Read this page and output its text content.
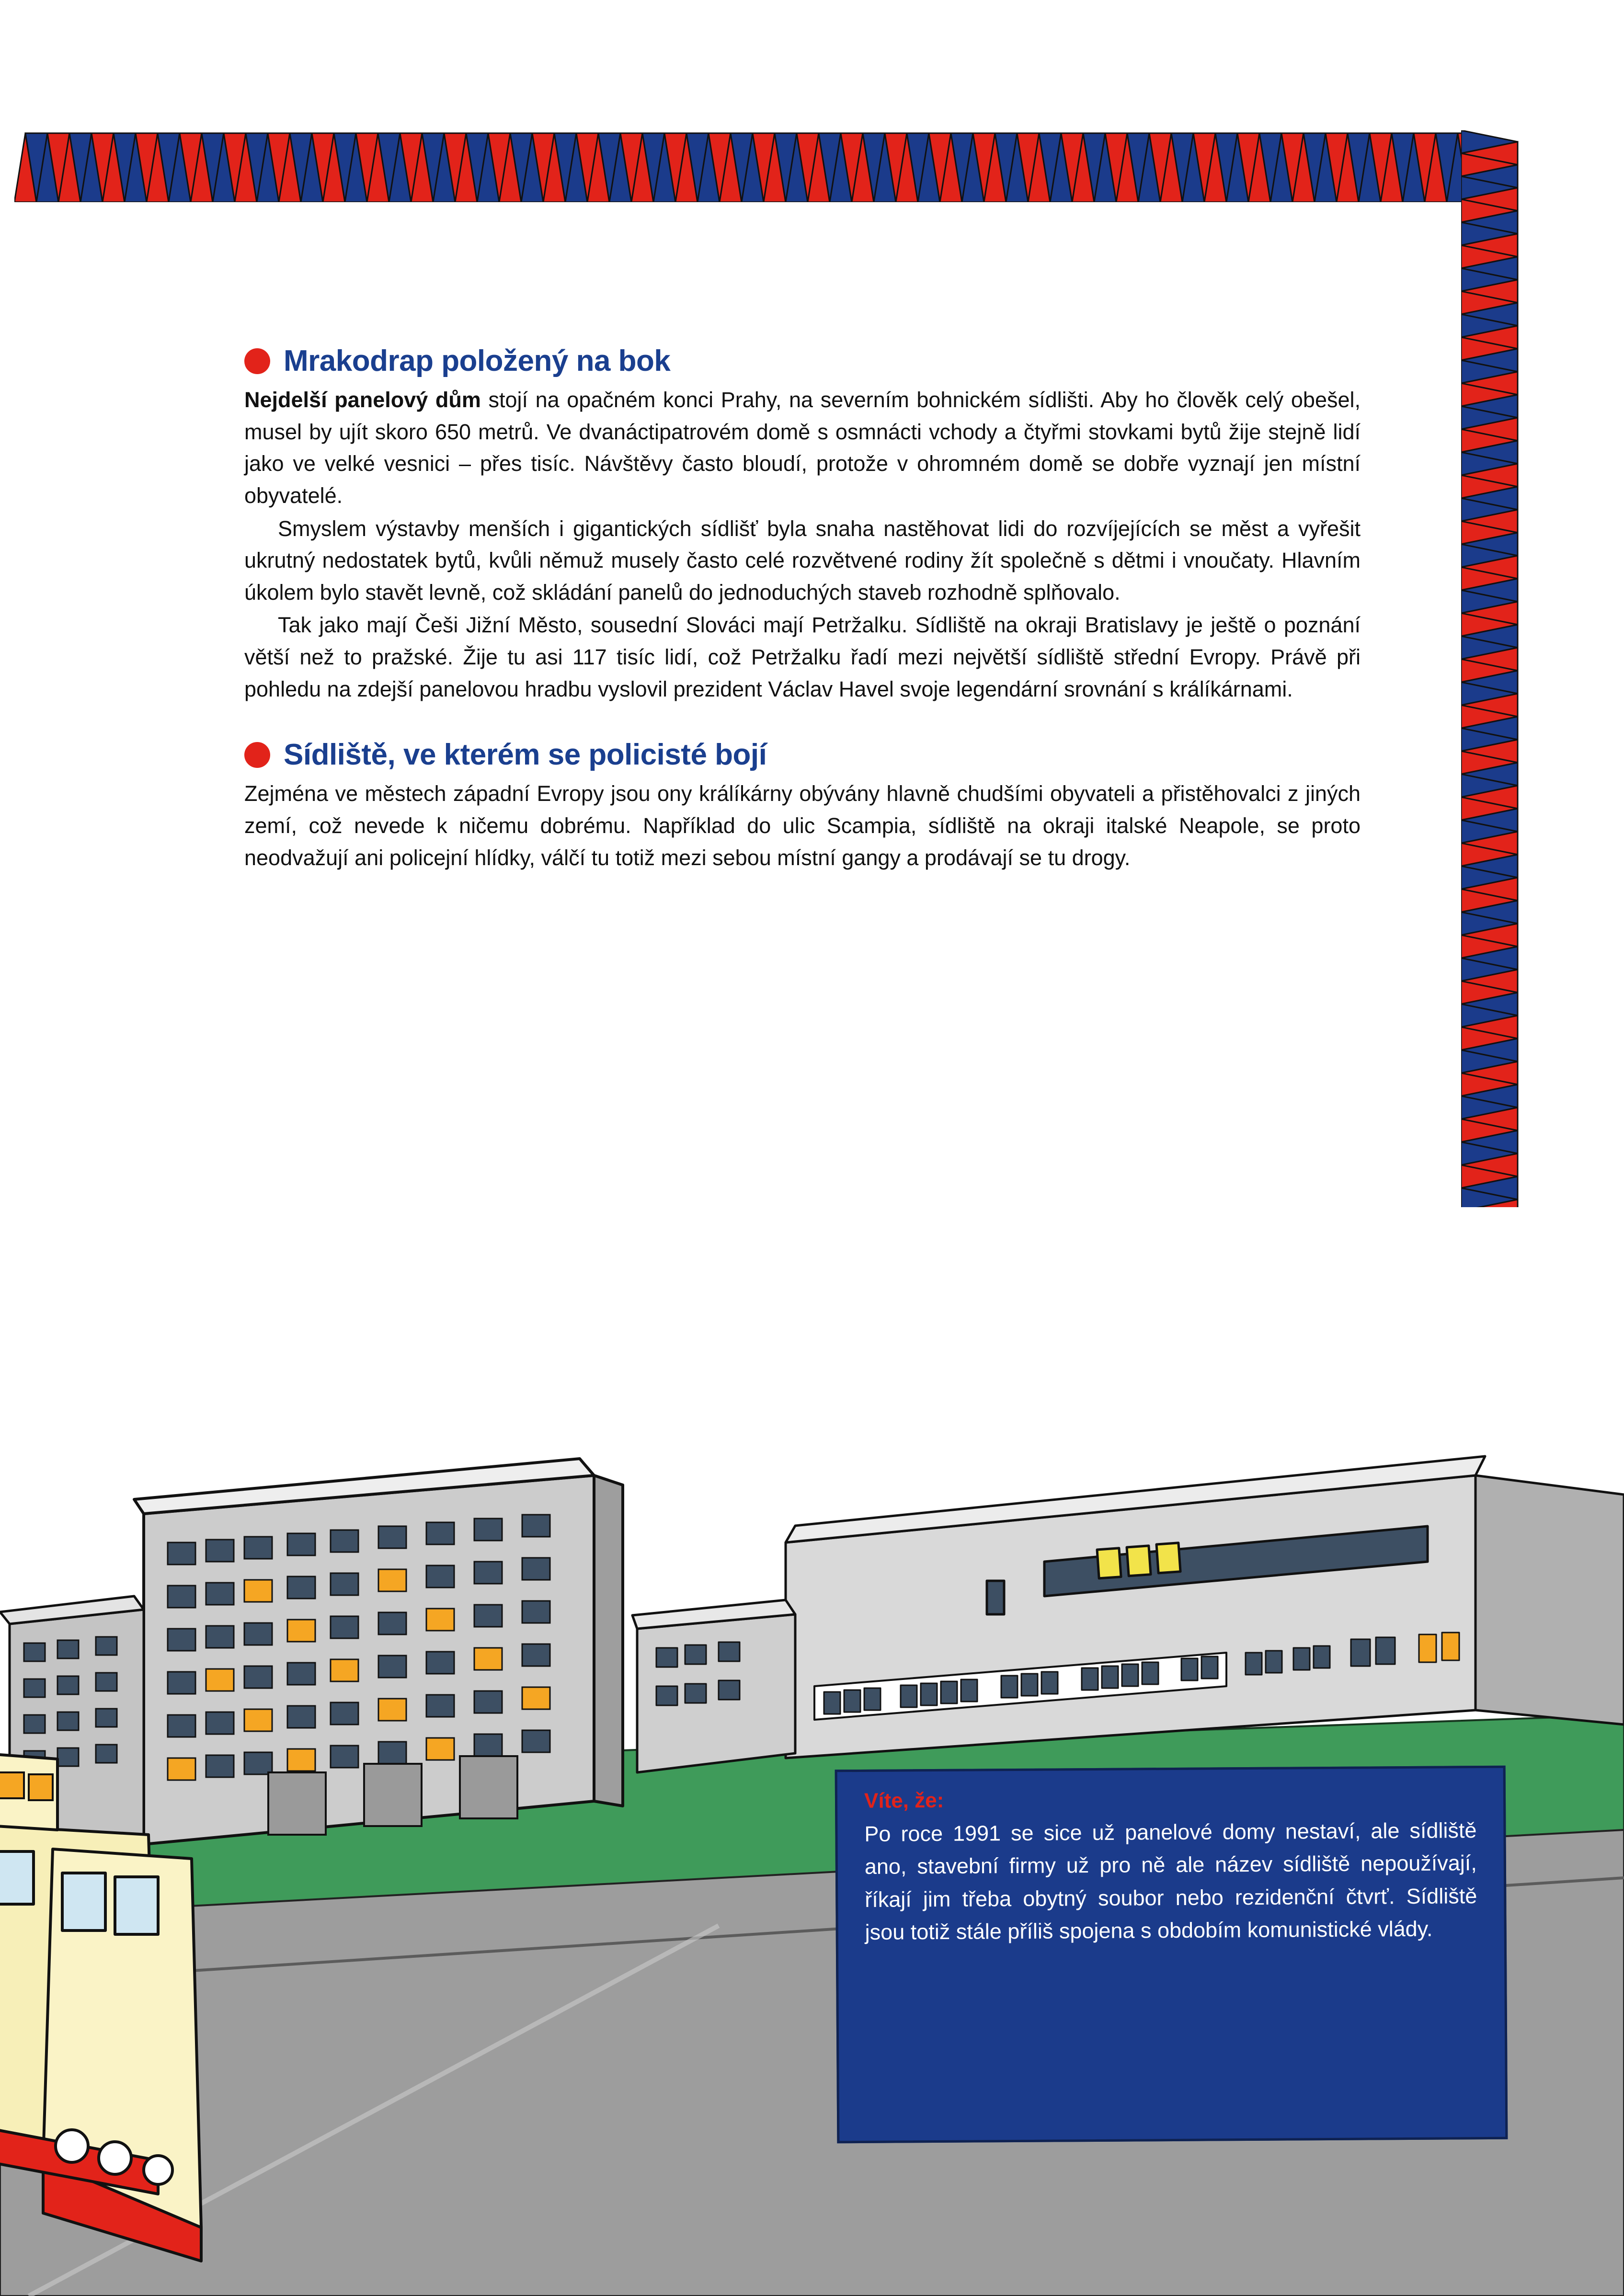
Mrakodrap položený na bok

Nejdelší panelový dům stojí na opačném konci Prahy, na severním bohnickém sídlišti. Aby ho člověk celý obešel, musel by ujít skoro 650 metrů. Ve dvanáctipatrovém domě s osmnácti vchody a čtyřmi stovkami bytů žije stejně lidí jako ve velké vesnici – přes tisíc. Návštěvy často bloudí, protože v ohromném domě se dobře vyznají jen místní obyvatelé.

Smyslem výstavby menších i gigantických sídlišť byla snaha nastěhovat lidi do rozvíjejících se měst a vyřešit ukrutný nedostatek bytů, kvůli němuž musely často celé rozvětvené rodiny žít společně s dětmi i vnoučaty. Hlavním úkolem bylo stavět levně, což skládání panelů do jednoduchých staveb rozhodně splňovalo.

Tak jako mají Češi Jižní Město, sousední Slováci mají Petržalku. Sídliště na okraji Bratislavy je ještě o poznání větší než to pražské. Žije tu asi 117 tisíc lidí, což Petržalku řadí mezi největší sídliště střední Evropy. Právě při pohledu na zdejší panelovou hradbu vyslovil prezident Václav Havel svoje legendární srovnání s králíkárnami.

Sídliště, ve kterém se policisté bojí

Zejména ve městech západní Evropy jsou ony králíkárny obývány hlavně chudšími obyvateli a přistěhovalci z jiných zemí, což nevede k ničemu dobrému. Například do ulic Scampia, sídliště na okraji italské Neapole, se proto neodvažují ani policejní hlídky, válčí tu totiž mezi sebou místní gangy a prodávají se tu drogy.

Víte, že:
Po roce 1991 se sice už panelové domy nestaví, ale sídliště ano, stavební firmy už pro ně ale název sídliště nepoužívají, říkají jim třeba obytný soubor nebo rezidenční čtvrť. Sídliště jsou totiž stále příliš spojena s obdobím komunistické vlády.
